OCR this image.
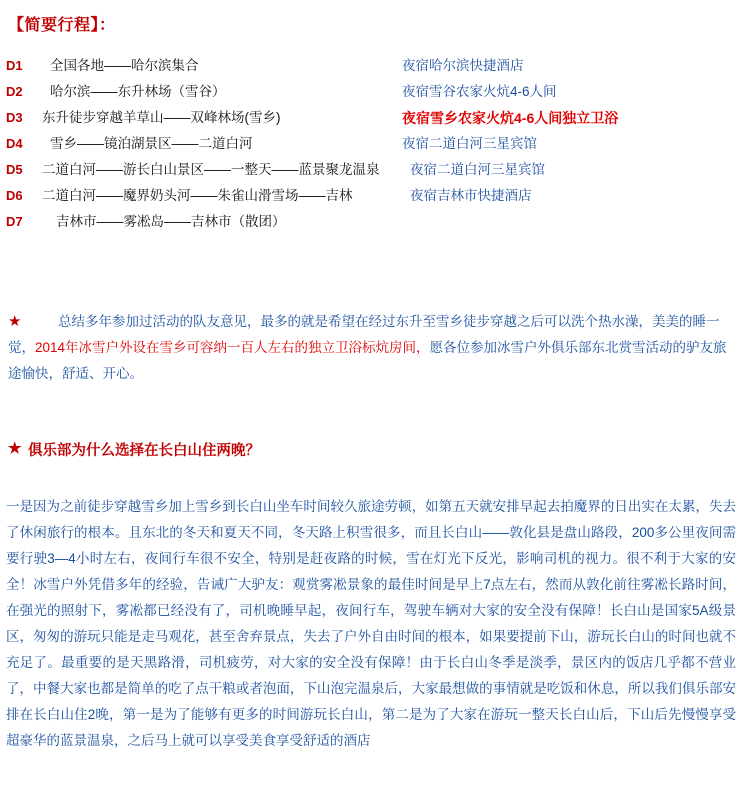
【简要行程】：
D1	全国各地——哈尔滨集合	夜宿哈尔滨快捷酒店
D2	哈尔滨——东升林场（雪谷）	夜宿雪谷农家火炕4-6人间
D3	东升徒步穿越羊草山——双峰林场(雪乡)	夜宿雪乡农家火炕4-6人间独立卫浴
D4	雪乡——镜泊湖景区——二道白河	夜宿二道白河三星宾馆
D5	二道白河——游长白山景区——一整天——蓝景聚龙温泉	夜宿二道白河三星宾馆
D6	二道白河——魔界奶头河——朱雀山滑雪场——吉林	夜宿吉林市快捷酒店
D7	吉林市——雾凇岛——吉林市（散团）	
★	总结多年参加过活动的队友意见，最多的就是希望在经过东升至雪乡徒步穿越之后可以洗个热水澡，美美的睡一觉，2014年冰雪户外设在雪乡可容纳一百人左右的独立卫浴标炕房间，愿各位参加冰雪户外俱乐部东北赏雪活动的驴友旅途愉快，舒适、开心。
★ 俱乐部为什么选择在长白山住两晚？

一是因为之前徒步穿越雪乡加上雪乡到长白山坐车时间较久旅途劳顿，如第五天就安排早起去拍魔界的日出实在太累，失去了休闲旅行的根本。且东北的冬天和夏天不同，冬天路上积雪很多，而且长白山——敦化县是盘山路段，200多公里夜间需要行驶3—4小时左右，夜间行车很不安全，特别是赶夜路的时候，雪在灯光下反光，影响司机的视力。很不利于大家的安全！冰雪户外凭借多年的经验，告诫广大驴友：观赏雾凇景象的最佳时间是早上7点左右，然而从敦化前往雾凇长路时间，在强光的照射下，雾凇都已经没有了，司机晚睡早起，夜间行车，驾驶车辆对大家的安全没有保障！长白山是国家5A级景区，匆匆的游玩只能是走马观花，甚至舍弃景点，失去了户外自由时间的根本，如果要提前下山，游玩长白山的时间也就不充足了。最重要的是天黑路滑，司机疲劳，对大家的安全没有保障！由于长白山冬季是淡季，景区内的饭店几乎都不营业了，中餐大家也都是简单的吃了点干粮或者泡面，下山泡完温泉后，大家最想做的事情就是吃饭和休息，所以我们俱乐部安排在长白山住2晚，第一是为了能够有更多的时间游玩长白山，第二是为了大家在游玩一整天长白山后，下山后先慢慢享受超豪华的蓝景温泉，之后马上就可以享受美食享受舒适的酒店
